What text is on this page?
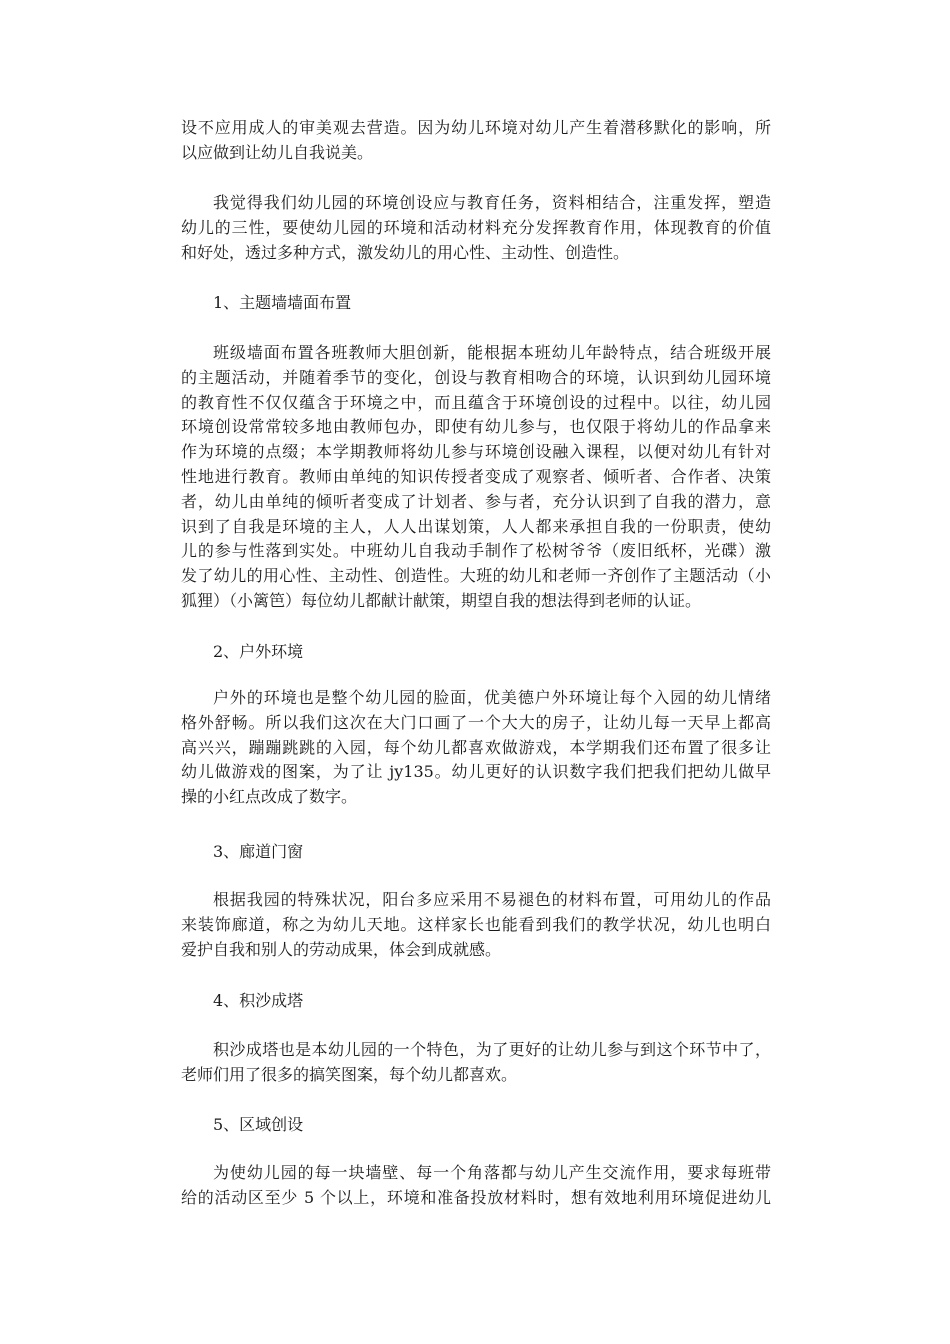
设不应用成人的审美观去营造。因为幼儿环境对幼儿产生着潜移默化的影响，所
以应做到让幼儿自我说美。
我觉得我们幼儿园的环境创设应与教育任务，资料相结合，注重发挥，塑造
幼儿的三性，要使幼儿园的环境和活动材料充分发挥教育作用，体现教育的价值
和好处，透过多种方式，激发幼儿的用心性、主动性、创造性。
1、主题墙墙面布置
班级墙面布置各班教师大胆创新，能根据本班幼儿年龄特点，结合班级开展
的主题活动，并随着季节的变化，创设与教育相吻合的环境，认识到幼儿园环境
的教育性不仅仅蕴含于环境之中，而且蕴含于环境创设的过程中。以往，幼儿园
环境创设常常较多地由教师包办，即使有幼儿参与，也仅限于将幼儿的作品拿来
作为环境的点缀；本学期教师将幼儿参与环境创设融入课程，以便对幼儿有针对
性地进行教育。教师由单纯的知识传授者变成了观察者、倾听者、合作者、决策
者，幼儿由单纯的倾听者变成了计划者、参与者，充分认识到了自我的潜力，意
识到了自我是环境的主人，人人出谋划策，人人都来承担自我的一份职责，使幼
儿的参与性落到实处。中班幼儿自我动手制作了松树爷爷（废旧纸杯，光碟）激
发了幼儿的用心性、主动性、创造性。大班的幼儿和老师一齐创作了主题活动（小
狐狸）（小篱笆）每位幼儿都献计献策，期望自我的想法得到老师的认证。
2、户外环境
户外的环境也是整个幼儿园的脸面，优美德户外环境让每个入园的幼儿情绪
格外舒畅。所以我们这次在大门口画了一个大大的房子，让幼儿每一天早上都高
高兴兴，蹦蹦跳跳的入园，每个幼儿都喜欢做游戏，本学期我们还布置了很多让
幼儿做游戏的图案，为了让 jy135。幼儿更好的认识数字我们把我们把幼儿做早
操的小红点改成了数字。
3、廊道门窗
根据我园的特殊状况，阳台多应采用不易褪色的材料布置，可用幼儿的作品
来装饰廊道，称之为幼儿天地。这样家长也能看到我们的教学状况，幼儿也明白
爱护自我和别人的劳动成果，体会到成就感。
4、积沙成塔
积沙成塔也是本幼儿园的一个特色，为了更好的让幼儿参与到这个环节中了，
老师们用了很多的搞笑图案，每个幼儿都喜欢。
5、区域创设
为使幼儿园的每一块墙壁、每一个角落都与幼儿产生交流作用，要求每班带
给的活动区至少 5 个以上，环境和准备投放材料时，想有效地利用环境促进幼儿
